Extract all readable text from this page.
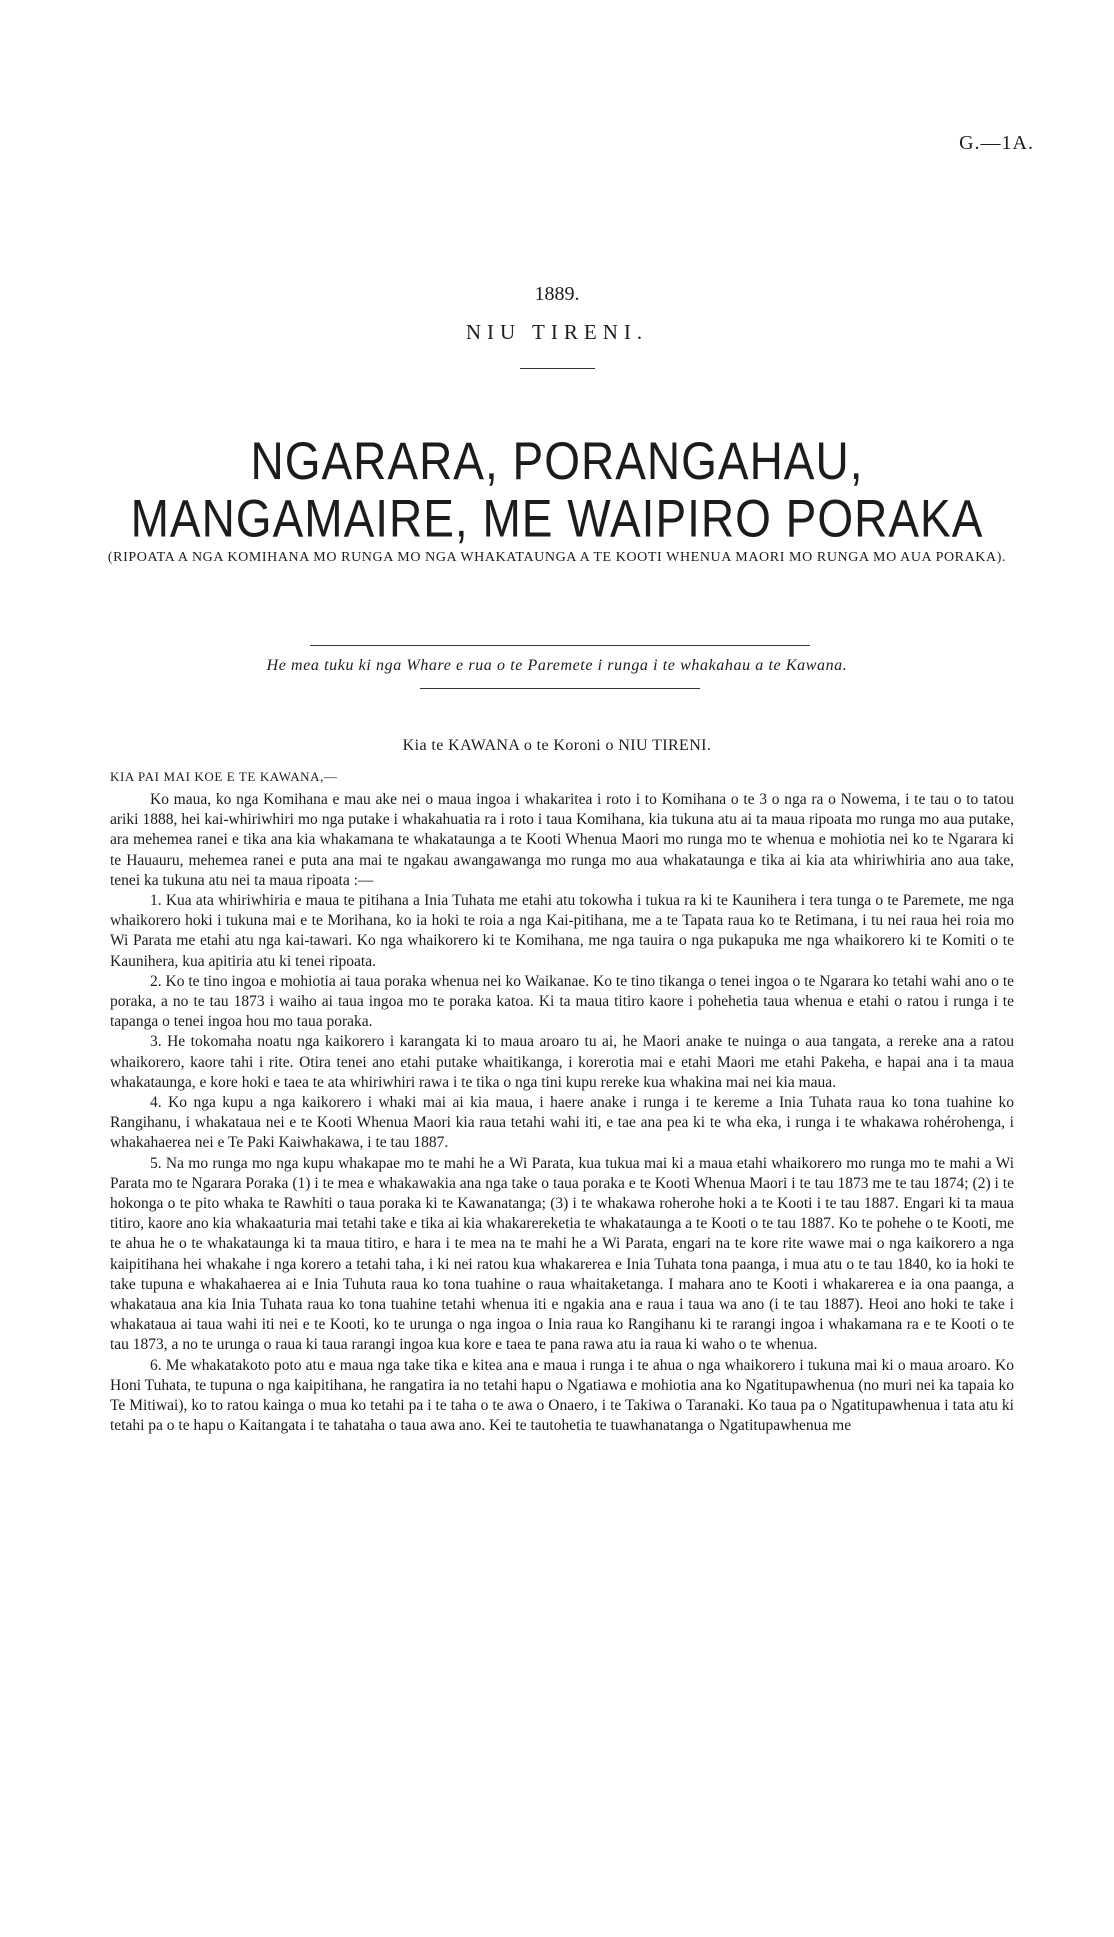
G.—1A.
1889.
NIU TIRENI.
NGARARA, PORANGAHAU, MANGAMAIRE, ME WAIPIRO PORAKA
(RIPOATA A NGA KOMIHANA MO RUNGA MO NGA WHAKATAUNGA A TE KOOTI WHENUA MAORI MO RUNGA MO AUA PORAKA).
He mea tuku ki nga Whare e rua o te Paremete i runga i te whakahau a te Kawana.
Kia te KAWANA o te Koroni o NIU TIRENI.
KIA PAI MAI KOE E TE KAWANA,—

Ko maua, ko nga Komihana e mau ake nei o maua ingoa i whakaritea i roto i to Komihana o te 3 o nga ra o Nowema, i te tau o to tatou ariki 1888, hei kai-whiriwhiri mo nga putake i whakahuatia ra i roto i taua Komihana, kia tukuna atu ai ta maua ripoata mo runga mo aua putake, ara mehemea ranei e tika ana kia whakamana te whakataunga a te Kooti Whenua Maori mo runga mo te whenua e mohiotia nei ko te Ngarara ki te Hauauru, mehemea ranei e puta ana mai te ngakau awangawanga mo runga mo aua whakataunga e tika ai kia ata whiriwhiria ano aua take, tenei ka tukuna atu nei ta maua ripoata :—

1. Kua ata whiriwhiria e maua te pitihana a Inia Tuhata me etahi atu tokowha i tukua ra ki te Kaunihera i tera tunga o te Paremete, me nga whaikorero hoki i tukuna mai e te Morihana, ko ia hoki te roia a nga Kai-pitihana, me a te Tapata raua ko te Retimana, i tu nei raua hei roia mo Wi Parata me etahi atu nga kai-tawari. Ko nga whaikorero ki te Komihana, me nga tauira o nga pukapuka me nga whaikorero ki te Komiti o te Kaunihera, kua apitiria atu ki tenei ripoata.

2. Ko te tino ingoa e mohiotia ai taua poraka whenua nei ko Waikanae. Ko te tino tikanga o tenei ingoa o te Ngarara ko tetahi wahi ano o te poraka, a no te tau 1873 i waiho ai taua ingoa mo te poraka katoa. Ki ta maua titiro kaore i pohehetia taua whenua e etahi o ratou i runga i te tapanga o tenei ingoa hou mo taua poraka.

3. He tokomaha noatu nga kaikorero i karangata ki to maua aroaro tu ai, he Maori anake te nuinga o aua tangata, a rereke ana a ratou whaikorero, kaore tahi i rite. Otira tenei ano etahi putake whaitikanga, i korerotia mai e etahi Maori me etahi Pakeha, e hapai ana i ta maua whakataunga, e kore hoki e taea te ata whiriwhiri rawa i te tika o nga tini kupu rereke kua whakina mai nei kia maua.

4. Ko nga kupu a nga kaikorero i whaki mai ai kia maua, i haere anake i runga i te kereme a Inia Tuhata raua ko tona tuahine ko Rangihanu, i whakataua nei e te Kooti Whenua Maori kia raua tetahi wahi iti, e tae ana pea ki te wha eka, i runga i te whakawa rohérohenga, i whakahaerea nei e Te Paki Kaiwhakawa, i te tau 1887.

5. Na mo runga mo nga kupu whakapae mo te mahi he a Wi Parata, kua tukua mai ki a maua etahi whaikorero mo runga mo te mahi a Wi Parata mo te Ngarara Poraka (1) i te mea e whakawakia ana nga take o taua poraka e te Kooti Whenua Maori i te tau 1873 me te tau 1874; (2) i te hokonga o te pito whaka te Rawhiti o taua poraka ki te Kawanatanga; (3) i te whakawa roherohe hoki a te Kooti i te tau 1887. Engari ki ta maua titiro, kaore ano kia whakaaturia mai tetahi take e tika ai kia whakarereketia te whakataunga a te Kooti o te tau 1887. Ko te pohehe o te Kooti, me te ahua he o te whakataunga ki ta maua titiro, e hara i te mea na te mahi he a Wi Parata, engari na te kore rite wawe mai o nga kaikorero a nga kaipitihana hei whakahe i nga korero a tetahi taha, i ki nei ratou kua whakarerea e Inia Tuhata tona paanga, i mua atu o te tau 1840, ko ia hoki te take tupuna e whakahaerea ai e Inia Tuhuta raua ko tona tuahine o raua whaitaketanga. I mahara ano te Kooti i whakarerea e ia ona paanga, a whakataua ana kia Inia Tuhata raua ko tona tuahine tetahi whenua iti e ngakia ana e raua i taua wa ano (i te tau 1887). Heoi ano hoki te take i whakataua ai taua wahi iti nei e te Kooti, ko te urunga o nga ingoa o Inia raua ko Rangihanu ki te rarangi ingoa i whakamana ra e te Kooti o te tau 1873, a no te urunga o raua ki taua rarangi ingoa kua kore e taea te pana rawa atu ia raua ki waho o te whenua.

6. Me whakatakoto poto atu e maua nga take tika e kitea ana e maua i runga i te ahua o nga whaikorero i tukuna mai ki o maua aroaro. Ko Honi Tuhata, te tupuna o nga kaipitihana, he rangatira ia no tetahi hapu o Ngatiawa e mohiotia ana ko Ngatitupawhenua (no muri nei ka tapaia ko Te Mitiwai), ko to ratou kainga o mua ko tetahi pa i te taha o te awa o Onaero, i te Takiwa o Taranaki. Ko taua pa o Ngatitupawhenua i tata atu ki tetahi pa o te hapu o Kaitangata i te tahataha o taua awa ano. Kei te tautohetia te tuawhanatanga o Ngatitupawhenua me
